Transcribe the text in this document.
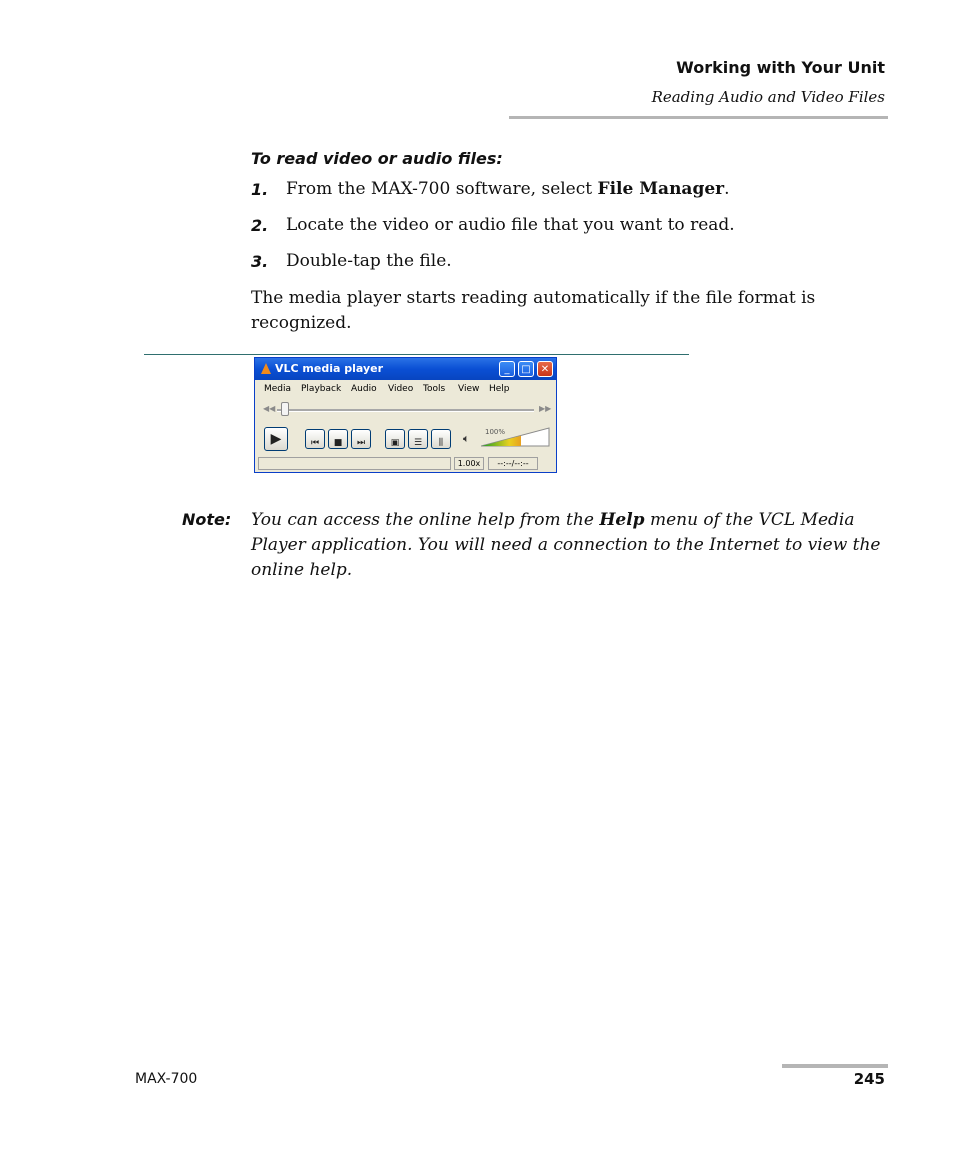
Working with Your Unit
Reading Audio and Video Files
To read video or audio files:
1. From the MAX-700 software, select File Manager.
2. Locate the video or audio file that you want to read.
3. Double-tap the file.
The media player starts reading automatically if the file format is recognized.
VLC media player	_	□	✕
Media Playback Audio Video Tools View Help
◀◀	▶▶
▶	⏮	■	⏭	▣	☰	⫼	🔈︎ 100%
1.00x	--:--/--:--
Note: You can access the online help from the Help menu of the VCL Media Player application. You will need a connection to the Internet to view the online help.
MAX-700	245
